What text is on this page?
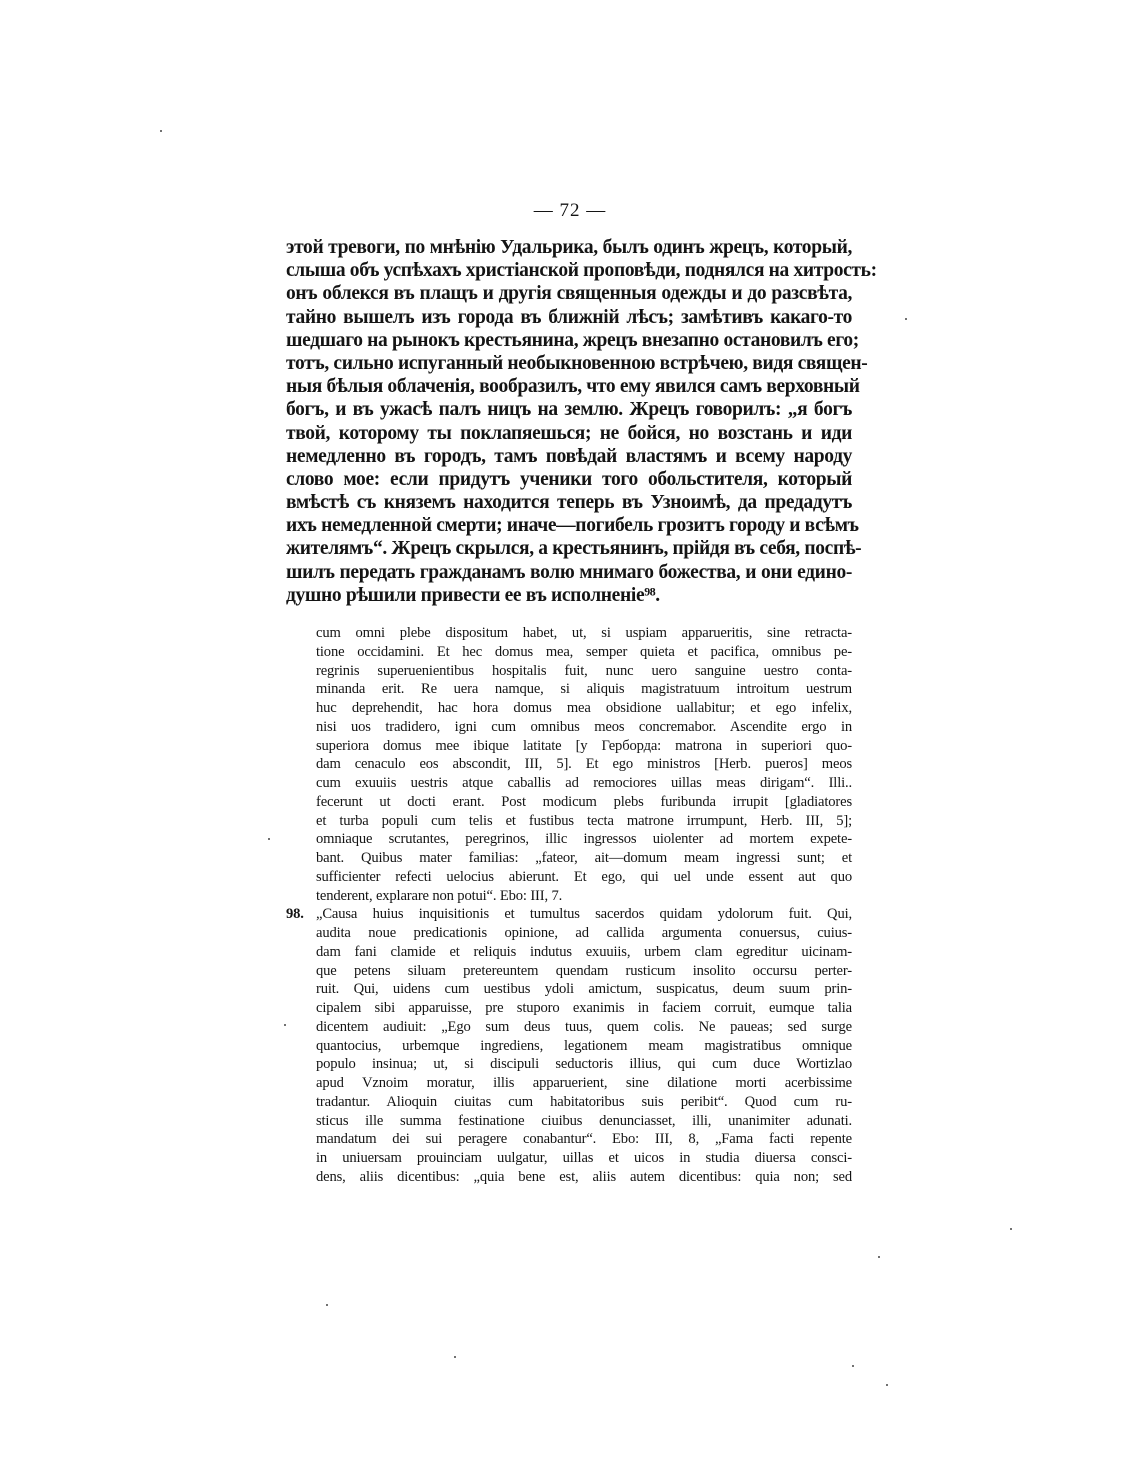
— 72 —
этой тревоги, по мнѣнію Удальрика, былъ одинъ жрецъ, который,
слыша объ успѣхахъ христіанской проповѣди, поднялся на хитрость:
онъ облекся въ плащъ и другія священныя одежды и до разсвѣта,
тайно вышелъ изъ города въ ближній лѣсъ; замѣтивъ какаго-то
шедшаго на рынокъ крестьянина, жрецъ внезапно остановилъ его;
тотъ, сильно испуганный необыкновенною встрѣчею, видя священ-
ныя бѣлыя облаченія, вообразилъ, что ему явился самъ верховный
богъ, и въ ужасѣ палъ ницъ на землю. Жрецъ говорилъ: „я богъ
твой, которому ты поклапяешься; не бойся, но возстань и иди
немедленно въ городъ, тамъ повѣдай властямъ и всему народу
слово мое: если придутъ ученики того обольстителя, который
вмѣстѣ съ княземъ находится теперь въ Узноимѣ, да предадутъ
ихъ немедленной смерти; иначе—погибель грозитъ городу и всѣмъ
жителямъ“. Жрецъ скрылся, а крестьянинъ, прійдя въ себя, поспѣ-
шилъ передать гражданамъ волю мнимаго божества, и они едино-
душно рѣшили привести ее въ исполненіе⁹⁸.
cum omni plebe dispositum habet, ut, si uspiam apparueritis, sine retracta-
tione occidamini. Et hec domus mea, semper quieta et pacifica, omnibus pe-
regrinis superuenientibus hospitalis fuit, nunc uero sanguine uestro conta-
minanda erit. Re uera namque, si aliquis magistratuum introitum uestrum
huc deprehendit, hac hora domus mea obsidione uallabitur; et ego infelix,
nisi uos tradidero, igni cum omnibus meos concremabor. Ascendite ergo in
superiora domus mee ibique latitate [у Герборда: matrona in superiori quo-
dam cenaculo eos abscondit, III, 5]. Et ego ministros [Herb. pueros] meos
cum exuuiis uestris atque caballis ad remociores uillas meas dirigam“. Illi..
fecerunt ut docti erant. Post modicum plebs furibunda irrupit [gladiatores
et turba populi cum telis et fustibus tecta matrone irrumpunt, Herb. III, 5];
omniaque scrutantes, peregrinos, illic ingressos uiolenter ad mortem expete-
bant. Quibus mater familias: „fateor, ait—domum meam ingressi sunt; et
sufficienter refecti uelocius abierunt. Et ego, qui uel unde essent aut quo
tenderent, explarare non potui“. Ebo: III, 7.
98. „Causa huius inquisitionis et tumultus sacerdos quidam ydolorum fuit. Qui,
audita noue predicationis opinione, ad callida argumenta conuersus, cuius-
dam fani clamide et reliquis indutus exuuiis, urbem clam egreditur uicinam-
que petens siluam pretereuntem quendam rusticum insolito occursu perter-
ruit. Qui, uidens cum uestibus ydoli amictum, suspicatus, deum suum prin-
cipalem sibi apparuisse, pre stuporo exanimis in faciem corruit, eumque talia
dicentem audiuit: „Ego sum deus tuus, quem colis. Ne paueas; sed surge
quantocius, urbemque ingrediens, legationem meam magistratibus omnique
populo insinua; ut, si discipuli seductoris illius, qui cum duce Wortizlao
apud Vznoim moratur, illis apparuerient, sine dilatione morti acerbissime
tradantur. Alioquin ciuitas cum habitatoribus suis peribit“. Quod cum ru-
sticus ille summa festinatione ciuibus denunciasset, illi, unanimiter adunati.
mandatum dei sui peragere conabantur“. Ebo: III, 8, „Fama facti repente
in uniuersam prouinciam uulgatur, uillas et uicos in studia diuersa consci-
dens, aliis dicentibus: „quia bene est, aliis autem dicentibus: quia non; sed
